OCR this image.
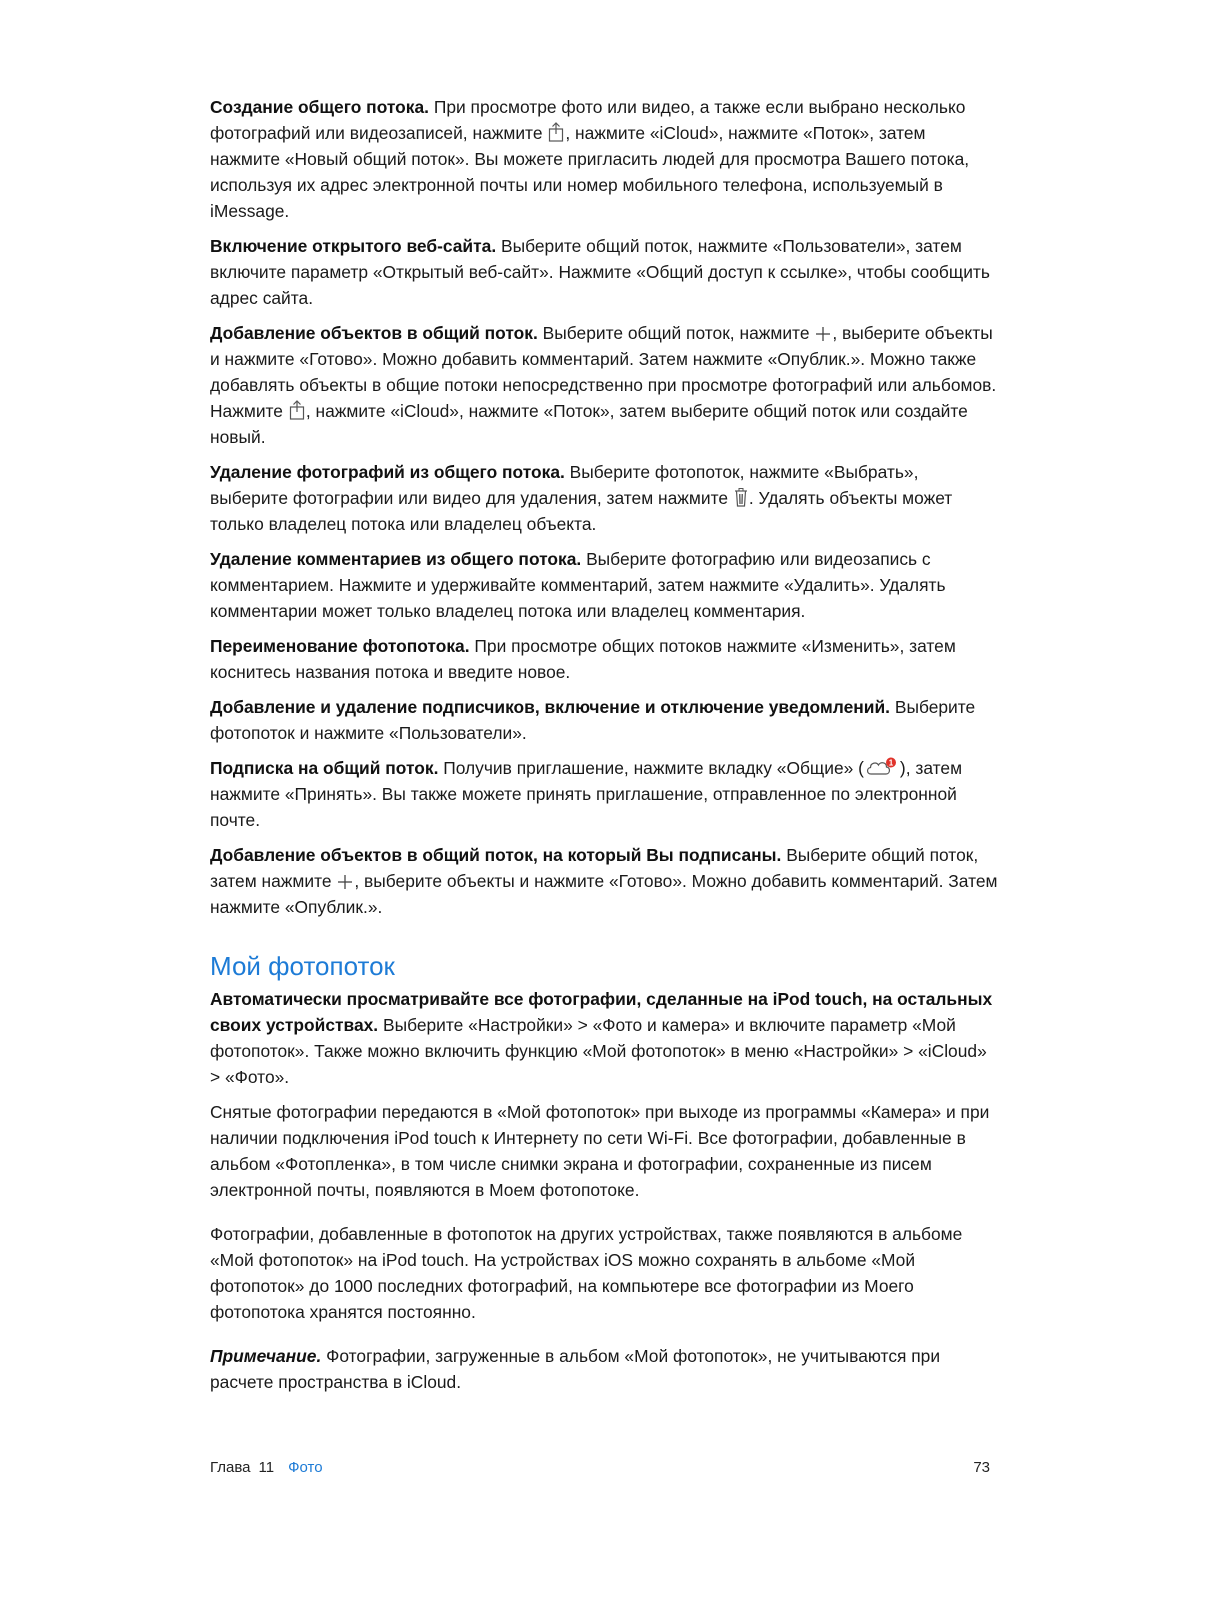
Создание общего потока. При просмотре фото или видео, а также если выбрано несколько фотографий или видеозаписей, нажмите
, нажмите «iCloud», нажмите «Поток», затем нажмите «Новый общий поток». Вы можете пригласить людей для просмотра Вашего потока, используя их адрес электронной почты или номер мобильного телефона, используемый в iMessage.

Включение открытого веб-сайта. Выберите общий поток, нажмите «Пользователи», затем включите параметр «Открытый веб-сайт». Нажмите «Общий доступ к ссылке», чтобы сообщить адрес сайта.

Добавление объектов в общий поток. Выберите общий поток, нажмите
, выберите объекты и нажмите «Готово». Можно добавить комментарий. Затем нажмите «Опублик.». Можно также добавлять объекты в общие потоки непосредственно при просмотре фотографий или альбомов. Нажмите
, нажмите «iCloud», нажмите «Поток», затем выберите общий поток или создайте новый.

Удаление фотографий из общего потока. Выберите фотопоток, нажмите «Выбрать», выберите фотографии или видео для удаления, затем нажмите
. Удалять объекты может только владелец потока или владелец объекта.

Удаление комментариев из общего потока. Выберите фотографию или видеозапись с комментарием. Нажмите и удерживайте комментарий, затем нажмите «Удалить». Удалять комментарии может только владелец потока или владелец комментария.

Переименование фотопотока. При просмотре общих потоков нажмите «Изменить», затем коснитесь названия потока и введите новое.

Добавление и удаление подписчиков, включение и отключение уведомлений. Выберите фотопоток и нажмите «Пользователи».

Подписка на общий поток. Получив приглашение, нажмите вкладку «Общие» (	1 ), затем нажмите «Принять». Вы также можете принять приглашение, отправленное по электронной почте.

Добавление объектов в общий поток, на который Вы подписаны. Выберите общий поток, затем нажмите
, выберите объекты и нажмите «Готово». Можно добавить комментарий. Затем нажмите «Опублик.».

Мой фотопоток

Автоматически просматривайте все фотографии, сделанные на iPod touch, на остальных своих устройствах. Выберите «Настройки» > «Фото и камера» и включите параметр «Мой фотопоток». Также можно включить функцию «Мой фотопоток» в меню «Настройки» > «iCloud» > «Фото».

Снятые фотографии передаются в «Мой фотопоток» при выходе из программы «Камера» и при наличии подключения iPod touch к Интернету по сети Wi-Fi. Все фотографии, добавленные в альбом «Фотопленка», в том числе снимки экрана и фотографии, сохраненные из писем электронной почты, появляются в Моем фотопотоке.

Фотографии, добавленные в фотопоток на других устройствах, также появляются в альбоме «Мой фотопоток» на iPod touch. На устройствах iOS можно сохранять в альбоме «Мой фотопоток» до 1000 последних фотографий, на компьютере все фотографии из Моего фотопотока хранятся постоянно.

Примечание. Фотографии, загруженные в альбом «Мой фотопоток», не учитываются при расчете пространства в iCloud.

Глава 11 Фото	73
